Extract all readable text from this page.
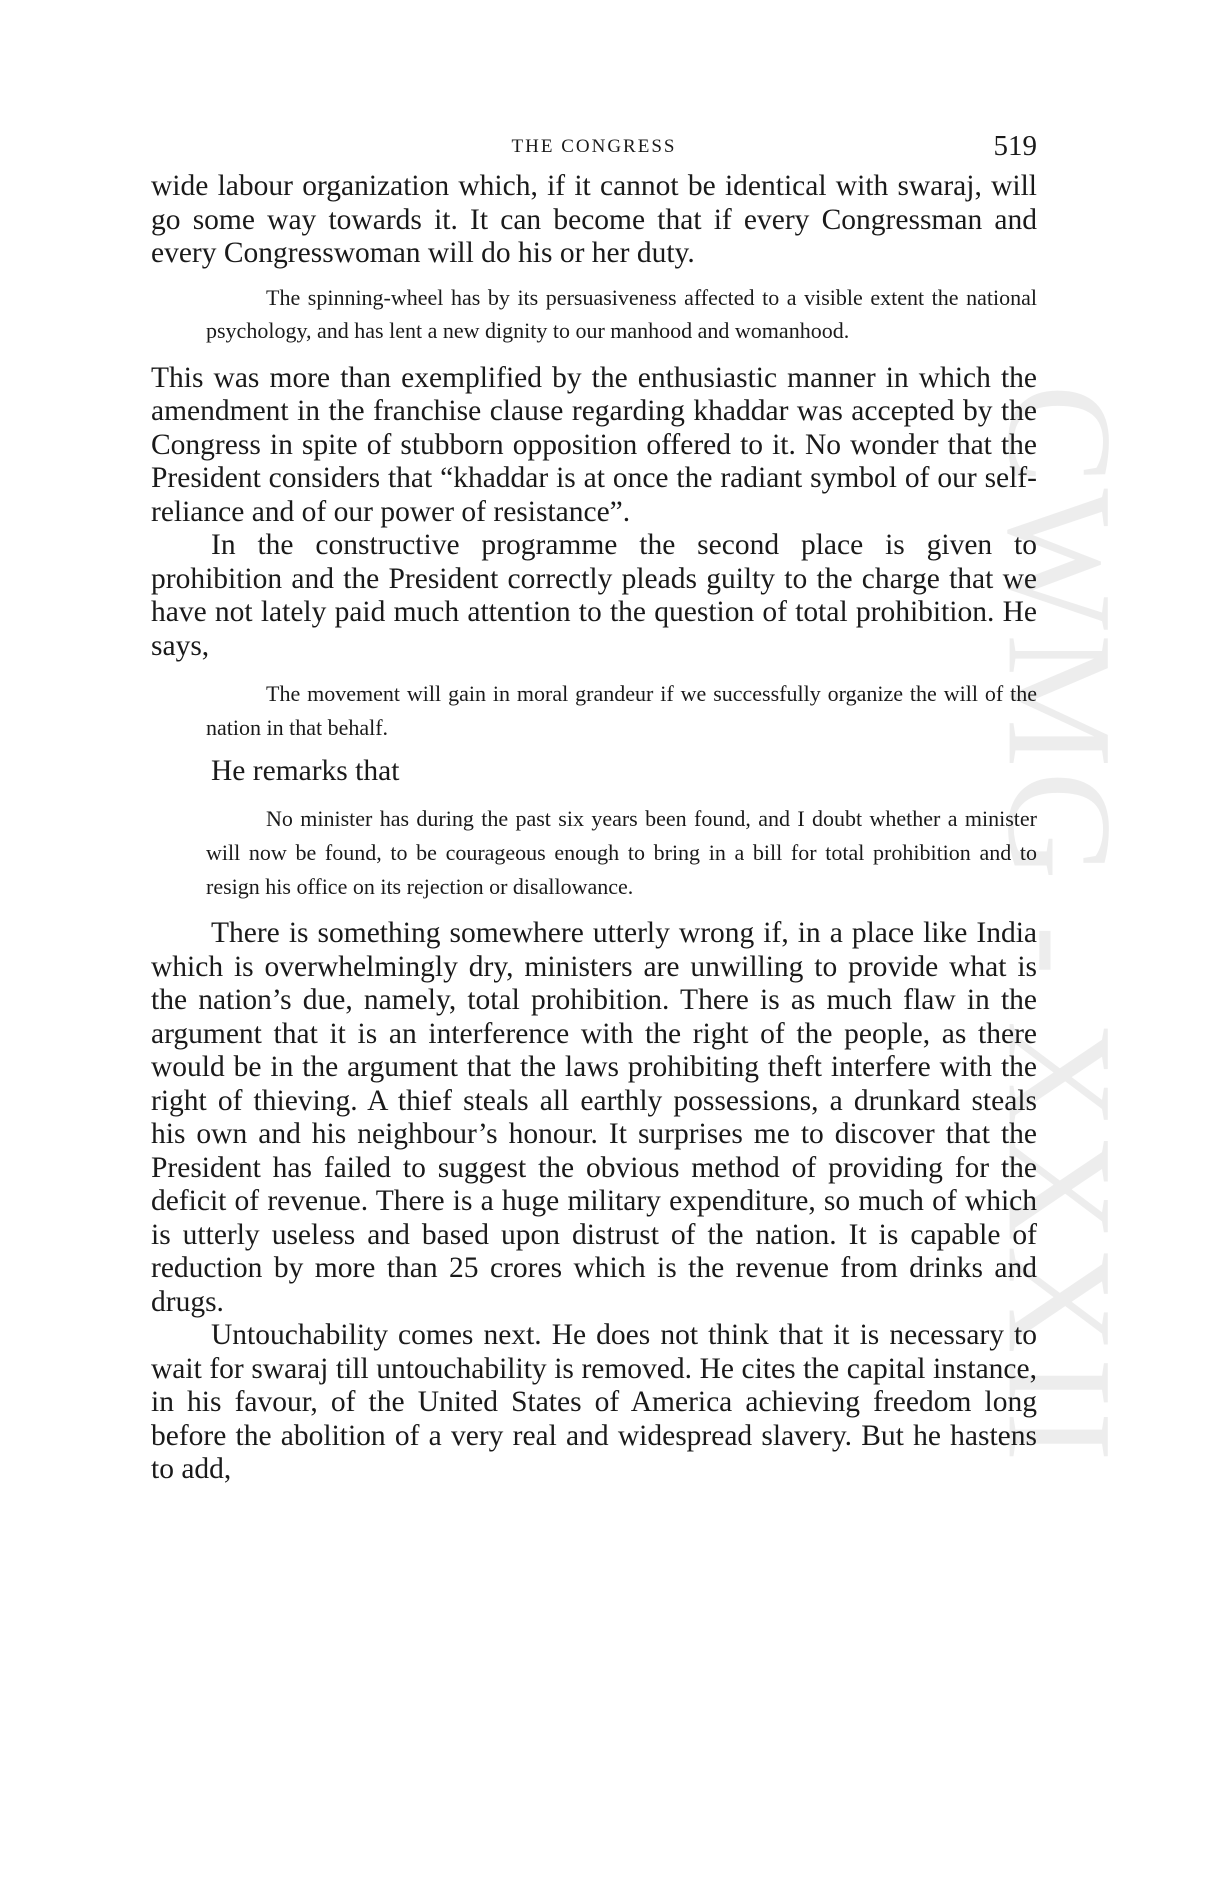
CWMG - XXXII
THE CONGRESS	519

wide labour organization which, if it cannot be identical with swaraj, will go some way towards it. It can become that if every Congressman and every Congresswoman will do his or her duty.

The spinning-wheel has by its persuasiveness affected to a visible extent the national psychology, and has lent a new dignity to our manhood and womanhood.

This was more than exemplified by the enthusiastic manner in which the amendment in the franchise clause regarding khaddar was accepted by the Congress in spite of stubborn opposition offered to it. No wonder that the President considers that “khaddar is at once the radiant symbol of our self-reliance and of our power of resistance”.

In the constructive programme the second place is given to prohibition and the President correctly pleads guilty to the charge that we have not lately paid much attention to the question of total prohibition. He says,

The movement will gain in moral grandeur if we successfully organize the will of the nation in that behalf.

He remarks that

No minister has during the past six years been found, and I doubt whether a minister will now be found, to be courageous enough to bring in a bill for total prohibition and to resign his office on its rejection or disallowance.

There is something somewhere utterly wrong if, in a place like India which is overwhelmingly dry, ministers are unwilling to provide what is the nation’s due, namely, total prohibition. There is as much flaw in the argument that it is an interference with the right of the people, as there would be in the argument that the laws prohibiting theft interfere with the right of thieving. A thief steals all earthly possessions, a drunkard steals his own and his neighbour’s honour. It surprises me to discover that the President has failed to suggest the obvious method of providing for the deficit of revenue. There is a huge military expenditure, so much of which is utterly useless and based upon distrust of the nation. It is capable of reduction by more than 25 crores which is the revenue from drinks and drugs.

Untouchability comes next. He does not think that it is necessary to wait for swaraj till untouchability is removed. He cites the capital instance, in his favour, of the United States of America achieving freedom long before the abolition of a very real and widespread slavery. But he hastens to add,
